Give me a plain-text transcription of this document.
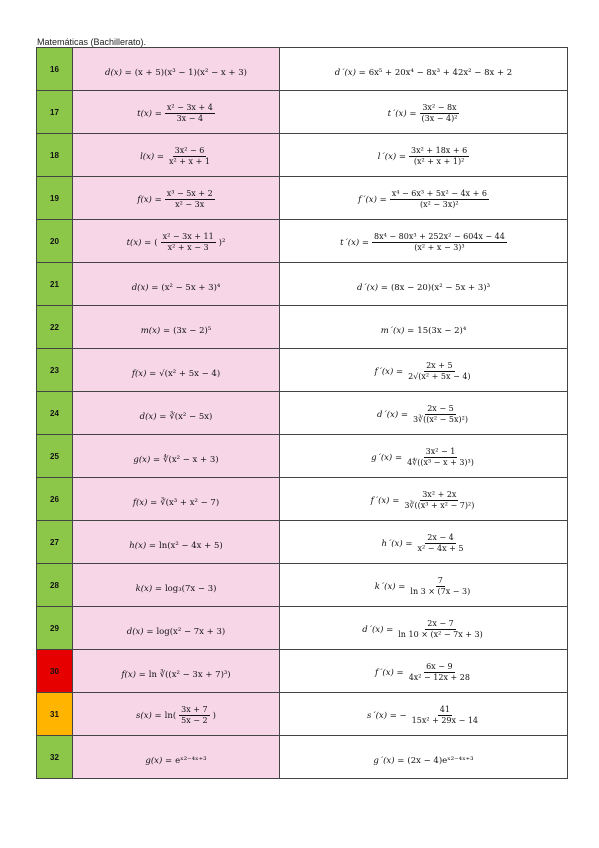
Matemáticas (Bachillerato).
16	d(x) = (x + 5)(x³ − 1)(x² − x + 3)	d´(x) = 6x⁵ + 20x⁴ − 8x³ + 42x² − 8x + 2

17	$t(x) = \frac{\text{x² − 3x + 4}}{3x - 4}$	t´(x) = $\frac{\text{3x² − 8x}}{\text{(3x − 4)²}}$

18	$l(x) = \frac{\text{3x² − 6}}{\text{x² + x + 1}}$	l´(x) = $\frac{\text{3x² + 18x + 6}}{\text{(x² + x + 1)²}}$

19	$f(x) = \frac{\text{x³ − 5x + 2}}{\text{x² − 3x}}$	f´(x) = $\frac{\text{x⁴ − 6x³ + 5x² − 4x + 6}}{\text{(x² − 3x)²}}$

20	t(x) = ( $\frac{\text{x² − 3x + 11}}{\text{x² + x − 3}} )^2$	t´(x) = $\frac{\text{8x⁴ − 80x³ + 252x² − 604x − 44}}{\text{(x² + x − 3)³}}$

21	d(x) = (x² − 5x + 3)⁴	d´(x) = (8x − 20)(x² − 5x + 3)³

22	m(x) = (3x − 2)⁵	m´(x) = 15(3x − 2)⁴

23	f(x) = √(x² + 5x − 4)	f´(x) = $\frac{2x + 5}{\text{2√(x² + 5x − 4)}}$

24	d(x) = ∛(x² − 5x)	d´(x) = $\frac{2x - 5}{\text{3∛((x² − 5x)²)}}$

25	g(x) = ∜(x² − x + 3)	g´(x) = $\frac{\text{3x² − 1}}{\text{4∜((x³ − x + 3)³)}}$

26	f(x) = ∛(x³ + x² − 7)	f´(x) = $\frac{\text{3x² + 2x}}{\text{3∛((x³ + x² − 7)²)}}$

27	h(x) = ln(x² − 4x + 5)	h´(x) = $\frac{2x - 4}{\text{x² − 4x + 5}}$

28	k(x) = log₃(7x − 3)	k´(x) = $\frac{7}{\ln 3 \times (7x - 3)}$

29	d(x) = log(x² − 7x + 3)	d´(x) = $\frac{2x - 7}{\text{ln 10 × (x² − 7x + 3)}}$

30	f(x) = ln ∛((x² − 3x + 7)³)	f´(x) = $\frac{6x - 9}{\text{4x² − 12x + 28}}$

31	$s(x) = \ln( \frac{3x + 7}{5x - 2}$ )	s´(x) = − $\frac{41}{\text{15x² + 29x − 14}}$

32	g(x) = eˣ²⁻⁴ˣ⁺³	g´(x) = (2x − 4)eˣ²⁻⁴ˣ⁺³
